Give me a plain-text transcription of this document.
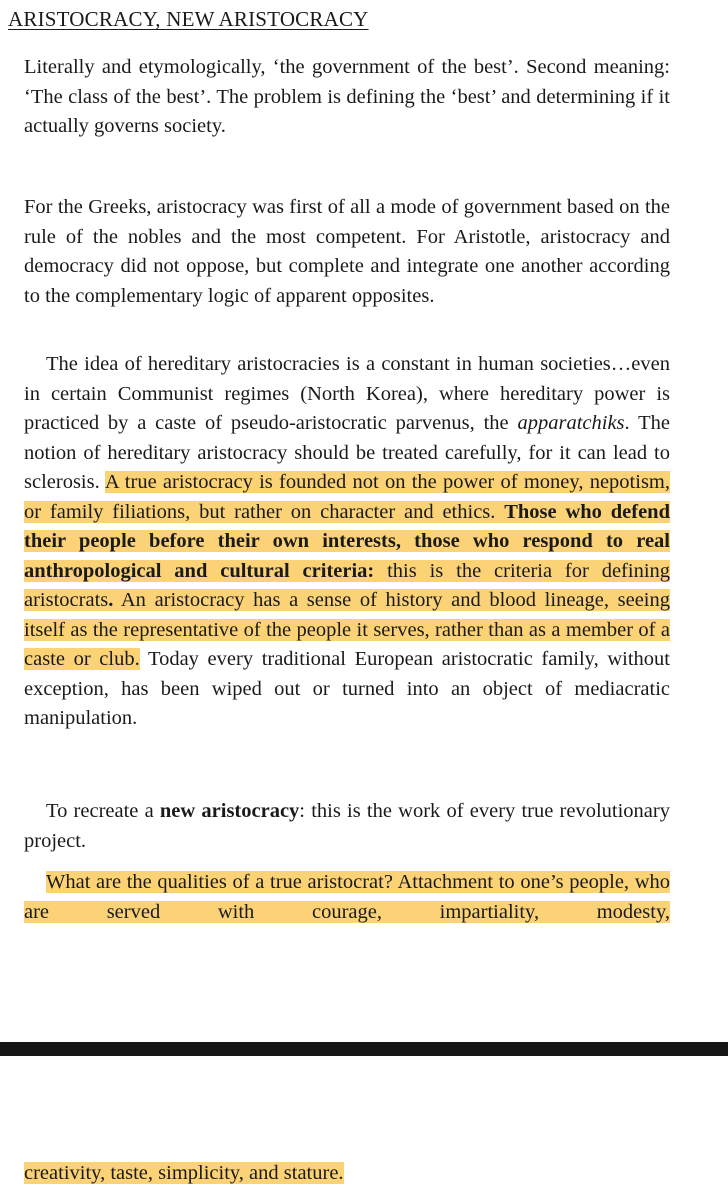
ARISTOCRACY, NEW ARISTOCRACY

Literally and etymologically, ‘the government of the best’. Second meaning: ‘The class of the best’. The problem is defining the ‘best’ and determining if it actually governs society.

For the Greeks, aristocracy was first of all a mode of government based on the rule of the nobles and the most competent. For Aristotle, aristocracy and democracy did not oppose, but complete and integrate one another according to the complementary logic of apparent opposites.

The idea of hereditary aristocracies is a constant in human societies…even in certain Communist regimes (North Korea), where hereditary power is practiced by a caste of pseudo-aristocratic parvenus, the apparatchiks. The notion of hereditary aristocracy should be treated carefully, for it can lead to sclerosis. A true aristocracy is founded not on the power of money, nepotism, or family filiations, but rather on character and ethics. Those who defend their people before their own interests, those who respond to real anthropological and cultural criteria: this is the criteria for defining aristocrats. An aristocracy has a sense of history and blood lineage, seeing itself as the representative of the people it serves, rather than as a member of a caste or club. Today every traditional European aristocratic family, without exception, has been wiped out or turned into an object of mediacratic manipulation.

To recreate a new aristocracy: this is the work of every true revolutionary project.

What are the qualities of a true aristocrat? Attachment to one’s people, who are served with courage, impartiality, modesty,

creativity, taste, simplicity, and stature.
